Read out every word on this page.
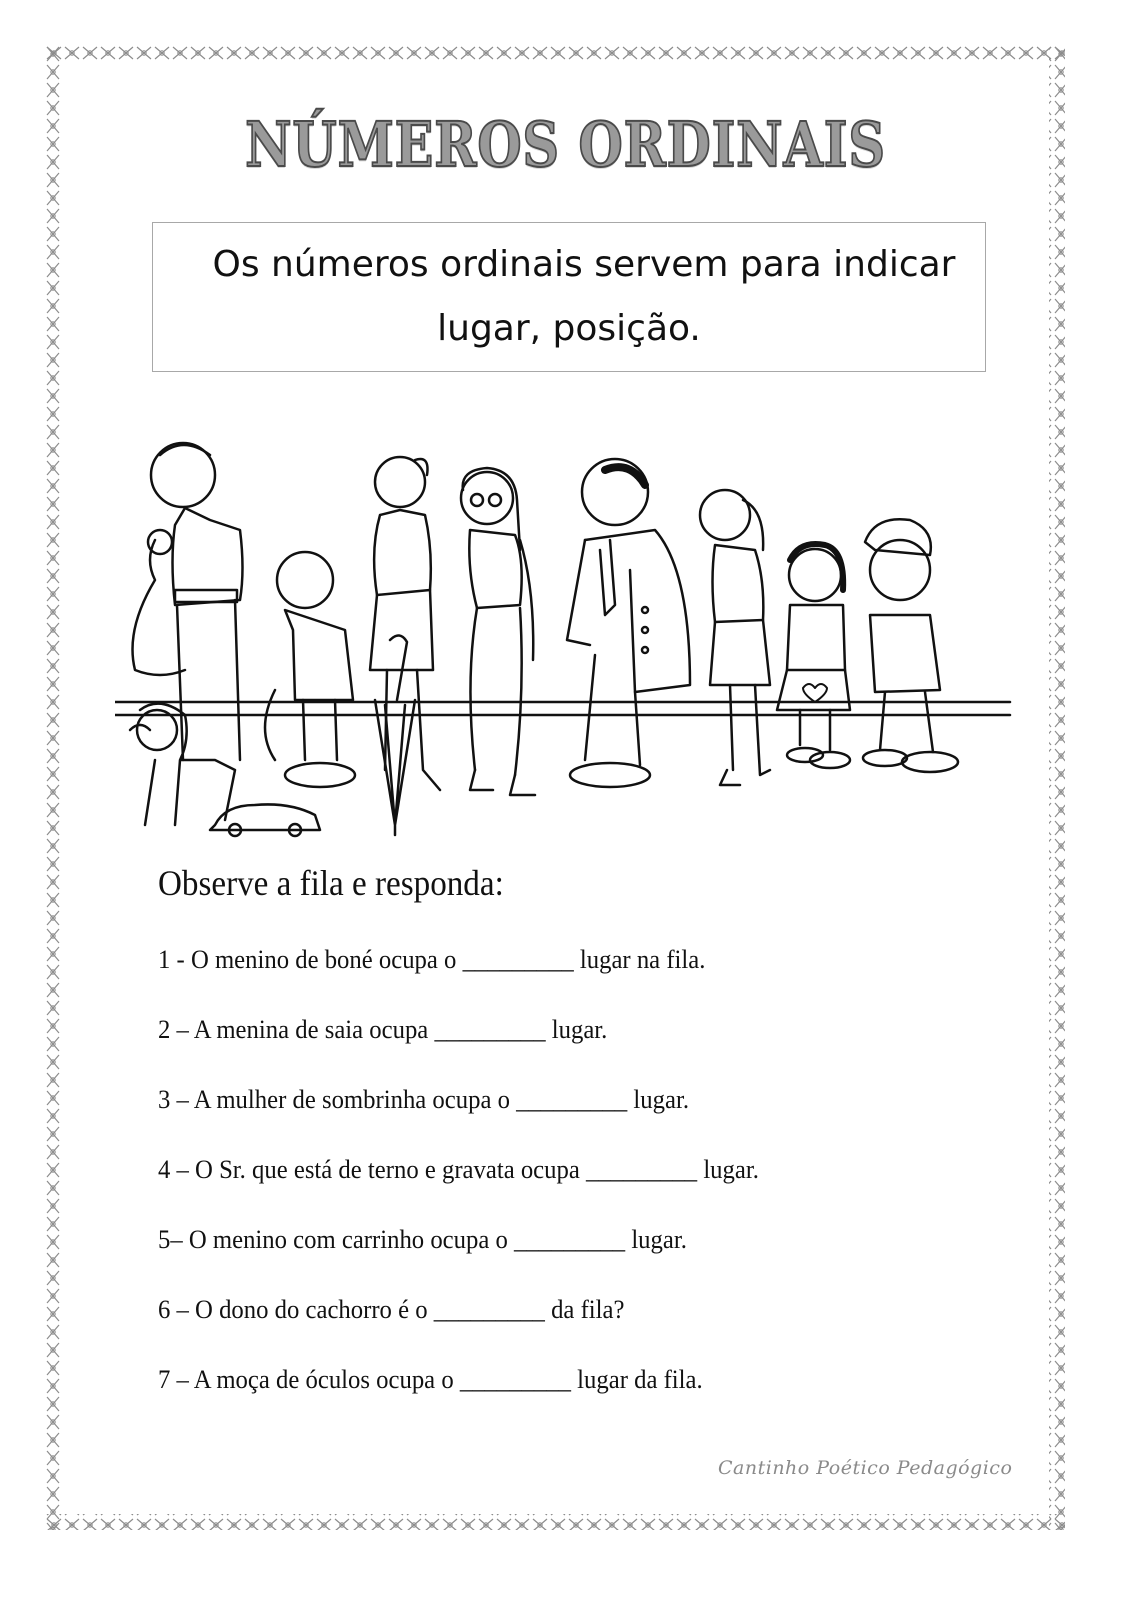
NÚMEROS ORDINAIS
Os números ordinais servem para indicar
lugar, posição.
Observe a fila e responda:
1 - O menino de boné ocupa o _________ lugar na fila.
2 – A menina de saia ocupa _________ lugar.
3 – A mulher de sombrinha ocupa o _________ lugar.
4 – O Sr. que está de terno e gravata ocupa _________ lugar.
5– O menino com carrinho ocupa o _________ lugar.
6 – O dono do cachorro é o _________ da fila?
7 – A moça de óculos ocupa o _________ lugar da fila.
Cantinho Poético Pedagógico
